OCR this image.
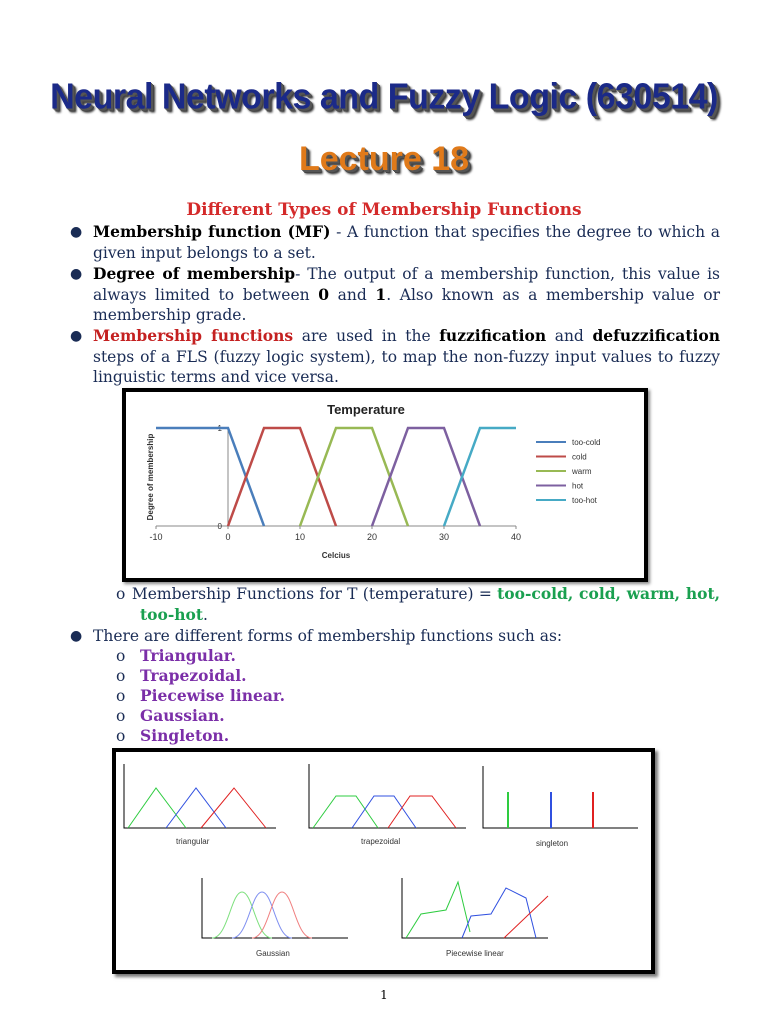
Neural Networks and Fuzzy Logic (630514)
Lecture 18
Different Types of Membership Functions
● Membership function (MF) - A function that specifies the degree to which a given input belongs to a set.
● Degree of membership- The output of a membership function, this value is always limited to between 0 and 1. Also known as a membership value or membership grade.
● Membership functions are used in the fuzzification and defuzzification steps of a FLS (fuzzy logic system), to map the non-fuzzy input values to fuzzy linguistic terms and vice versa.
Temperature
0
1
-10	0	10	20	30	40
Celcius
Degree of membership	too-cold
cold
warm
hot
too-hot
o Membership Functions for T (temperature) = too-cold, cold, warm, hot, too-hot.
● There are different forms of membership functions such as:
o Triangular.
o Trapezoidal.
o Piecewise linear.
o Gaussian.
o Singleton.
triangular	trapezoidal	singleton
Gaussian	Piecewise linear
1
